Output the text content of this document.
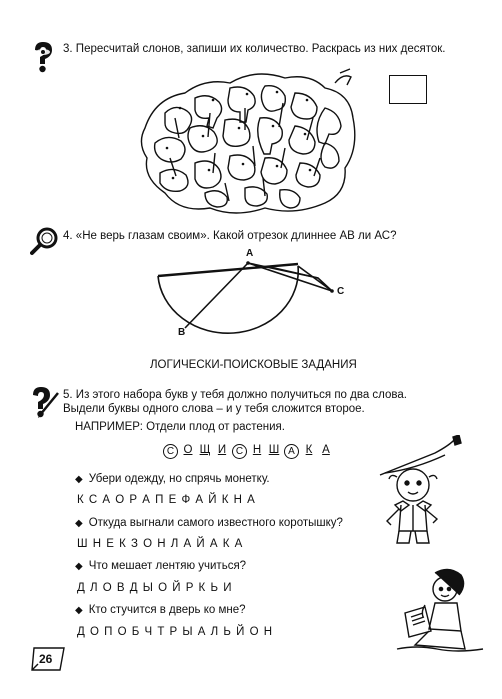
3. Пересчитай слонов, запиши их количество. Раскрась из них десяток.
4. «Не верь глазам своим». Какой отрезок длиннее АВ ли АС?
A
C
B
ЛОГИЧЕСКИ-ПОИСКОВЫЕ ЗАДАНИЯ
5. Из этого набора букв у тебя должно получиться по два слова.
Выдели буквы одного слова – и у тебя сложится второе.
НАПРИМЕР: Отдели плод от растения.
С О Щ И С Н Ш А К А
◆ Убери одежду, но спрячь монетку.
К С А О Р А П Е Ф А Й К Н А
◆ Откуда выгнали самого известного коротышку?
Ш Н Е К З О Н Л А Й А К А
◆ Что мешает лентяю учиться?
Д Л О В Д Ы О Й Р К Ь И
◆ Кто стучится в дверь ко мне?
Д О П О Б Ч Т Р Ы А Л Ь Й О Н
26
